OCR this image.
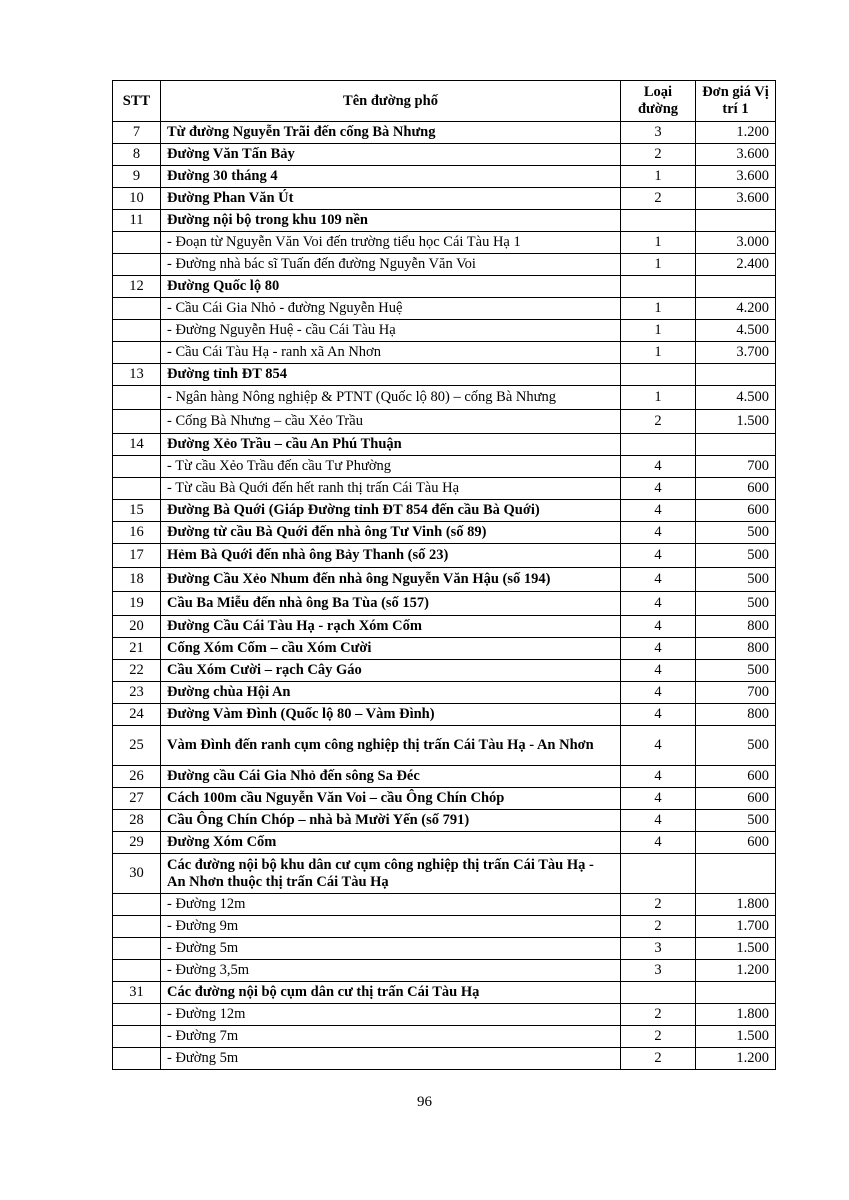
STT	Tên đường phố	Loại đường	Đơn giá Vị trí 1
7	Từ đường Nguyễn Trãi đến cống Bà Nhưng	3	1.200
8	Đường Văn Tấn Bảy	2	3.600
9	Đường 30 tháng 4	1	3.600
10	Đường Phan Văn Út	2	3.600
11	Đường nội bộ trong khu 109 nền		
	- Đoạn từ Nguyễn Văn Voi đến trường tiểu học Cái Tàu Hạ 1	1	3.000
	- Đường nhà bác sĩ Tuấn đến đường Nguyễn Văn Voi	1	2.400
12	Đường Quốc lộ 80		
	- Cầu Cái Gia Nhỏ - đường Nguyễn Huệ	1	4.200
	- Đường Nguyễn Huệ - cầu Cái Tàu Hạ	1	4.500
	- Cầu Cái Tàu Hạ - ranh xã An Nhơn	1	3.700
13	Đường tỉnh ĐT 854		
	- Ngân hàng Nông nghiệp & PTNT (Quốc lộ 80) – cống Bà Nhưng	1	4.500
	- Cống Bà Nhưng – cầu Xẻo Trầu	2	1.500
14	Đường Xẻo Trầu – cầu An Phú Thuận		
	- Từ cầu Xẻo Trầu đến cầu Tư Phường	4	700
	- Từ cầu Bà Quới đến hết ranh thị trấn Cái Tàu Hạ	4	600
15	Đường Bà Quới (Giáp Đường tỉnh ĐT 854 đến cầu Bà Quới)	4	600
16	Đường từ cầu Bà Quới đến nhà ông Tư Vinh (số 89)	4	500
17	Hẻm Bà Quới đến nhà ông Bảy Thanh (số 23)	4	500
18	Đường Cầu Xẻo Nhum đến nhà ông Nguyễn Văn Hậu (số 194)	4	500
19	Cầu Ba Miễu đến nhà ông Ba Tùa (số 157)	4	500
20	Đường Cầu Cái Tàu Hạ - rạch Xóm Cốm	4	800
21	Cống Xóm Cốm – cầu Xóm Cười	4	800
22	Cầu Xóm Cười – rạch Cây Gáo	4	500
23	Đường chùa Hội An	4	700
24	Đường Vàm Đình (Quốc lộ 80 – Vàm Đình)	4	800
25	Vàm Đình đến ranh cụm công nghiệp thị trấn Cái Tàu Hạ - An Nhơn	4	500
26	Đường cầu Cái Gia Nhỏ đến sông Sa Đéc	4	600
27	Cách 100m cầu Nguyễn Văn Voi – cầu Ông Chín Chóp	4	600
28	Cầu Ông Chín Chóp – nhà bà Mười Yến (số 791)	4	500
29	Đường Xóm Cốm	4	600
30	Các đường nội bộ khu dân cư cụm công nghiệp thị trấn Cái Tàu Hạ - An Nhơn thuộc thị trấn Cái Tàu Hạ		
	- Đường 12m	2	1.800
	- Đường 9m	2	1.700
	- Đường 5m	3	1.500
	- Đường 3,5m	3	1.200
31	Các đường nội bộ cụm dân cư thị trấn Cái Tàu Hạ		
	- Đường 12m	2	1.800
	- Đường 7m	2	1.500
	- Đường 5m	2	1.200
96
